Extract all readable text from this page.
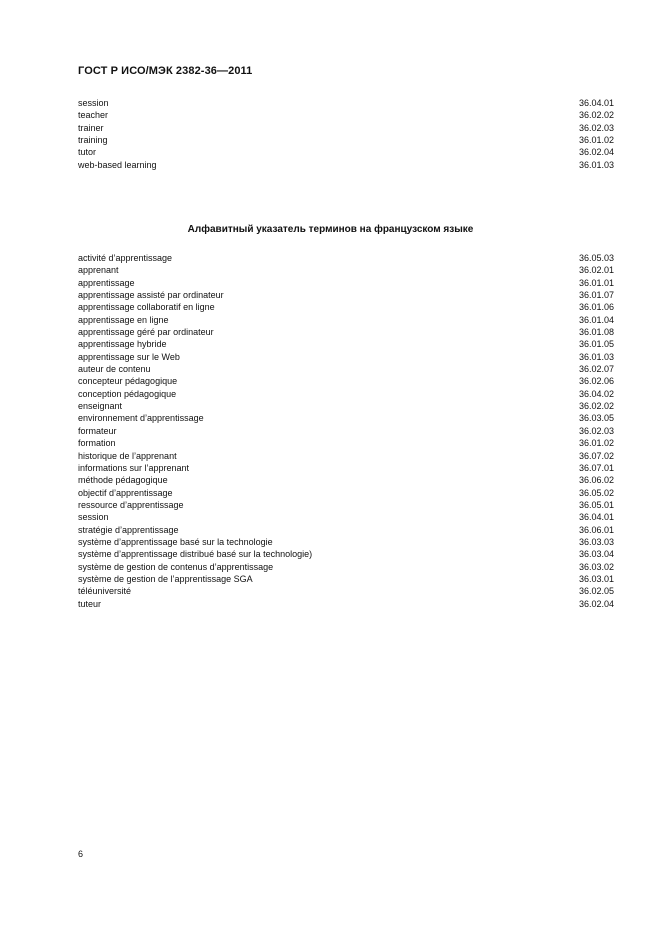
ГОСТ Р ИСО/МЭК 2382-36—2011
session	36.04.01
teacher	36.02.02
trainer	36.02.03
training	36.01.02
tutor	36.02.04
web-based learning	36.01.03
Алфавитный указатель терминов на французском языке
activité d’apprentissage	36.05.03
apprenant	36.02.01
apprentissage	36.01.01
apprentissage assisté par ordinateur	36.01.07
apprentissage collaboratif en ligne	36.01.06
apprentissage en ligne	36.01.04
apprentissage géré par ordinateur	36.01.08
apprentissage hybride	36.01.05
apprentissage sur le Web	36.01.03
auteur de contenu	36.02.07
concepteur pédagogique	36.02.06
conception pédagogique	36.04.02
enseignant	36.02.02
environnement d’apprentissage	36.03.05
formateur	36.02.03
formation	36.01.02
historique de l’apprenant	36.07.02
informations sur l’apprenant	36.07.01
méthode pédagogique	36.06.02
objectif d’apprentissage	36.05.02
ressource d’apprentissage	36.05.01
session	36.04.01
stratégie d’apprentissage	36.06.01
système d’apprentissage basé sur la technologie	36.03.03
système d’apprentissage distribué basé sur la technologie)	36.03.04
système de gestion de contenus d’apprentissage	36.03.02
système de gestion de l’apprentissage SGA	36.03.01
téléuniversité	36.02.05
tuteur	36.02.04
6
